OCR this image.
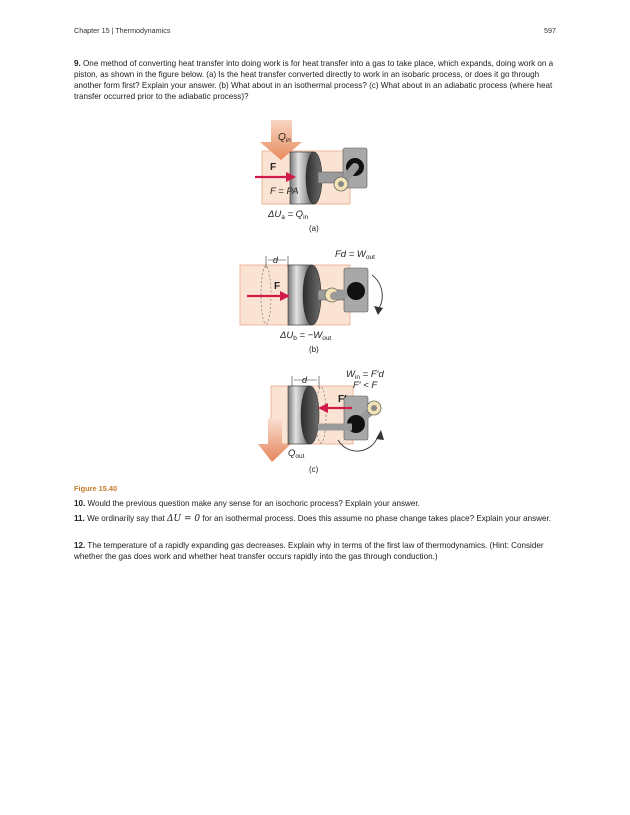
Chapter 15 | Thermodynamics	597
9. One method of converting heat transfer into doing work is for heat transfer into a gas to take place, which expands, doing work on a piston, as shown in the figure below. (a) Is the heat transfer converted directly to work in an isobaric process, or does it go through another form first? Explain your answer. (b) What about in an isothermal process? (c) What about in an adiabatic process (where heat transfer occurred prior to the adiabatic process)?
$Q_{in}$
F
F = PA
$\Delta U_a = Q_{in}$
(a)
d
F
$Fd = W_{out}$
$\Delta U_b = -W_{out}$
(b)
$W_{in} = F'd$
F′ < F
d
F′
$Q_{out}$
(c)
Figure 15.40
10. Would the previous question make any sense for an isochoric process? Explain your answer.
11. We ordinarily say that ΔU = 0 for an isothermal process. Does this assume no phase change takes place? Explain your answer.
12. The temperature of a rapidly expanding gas decreases. Explain why in terms of the first law of thermodynamics. (Hint: Consider whether the gas does work and whether heat transfer occurs rapidly into the gas through conduction.)
